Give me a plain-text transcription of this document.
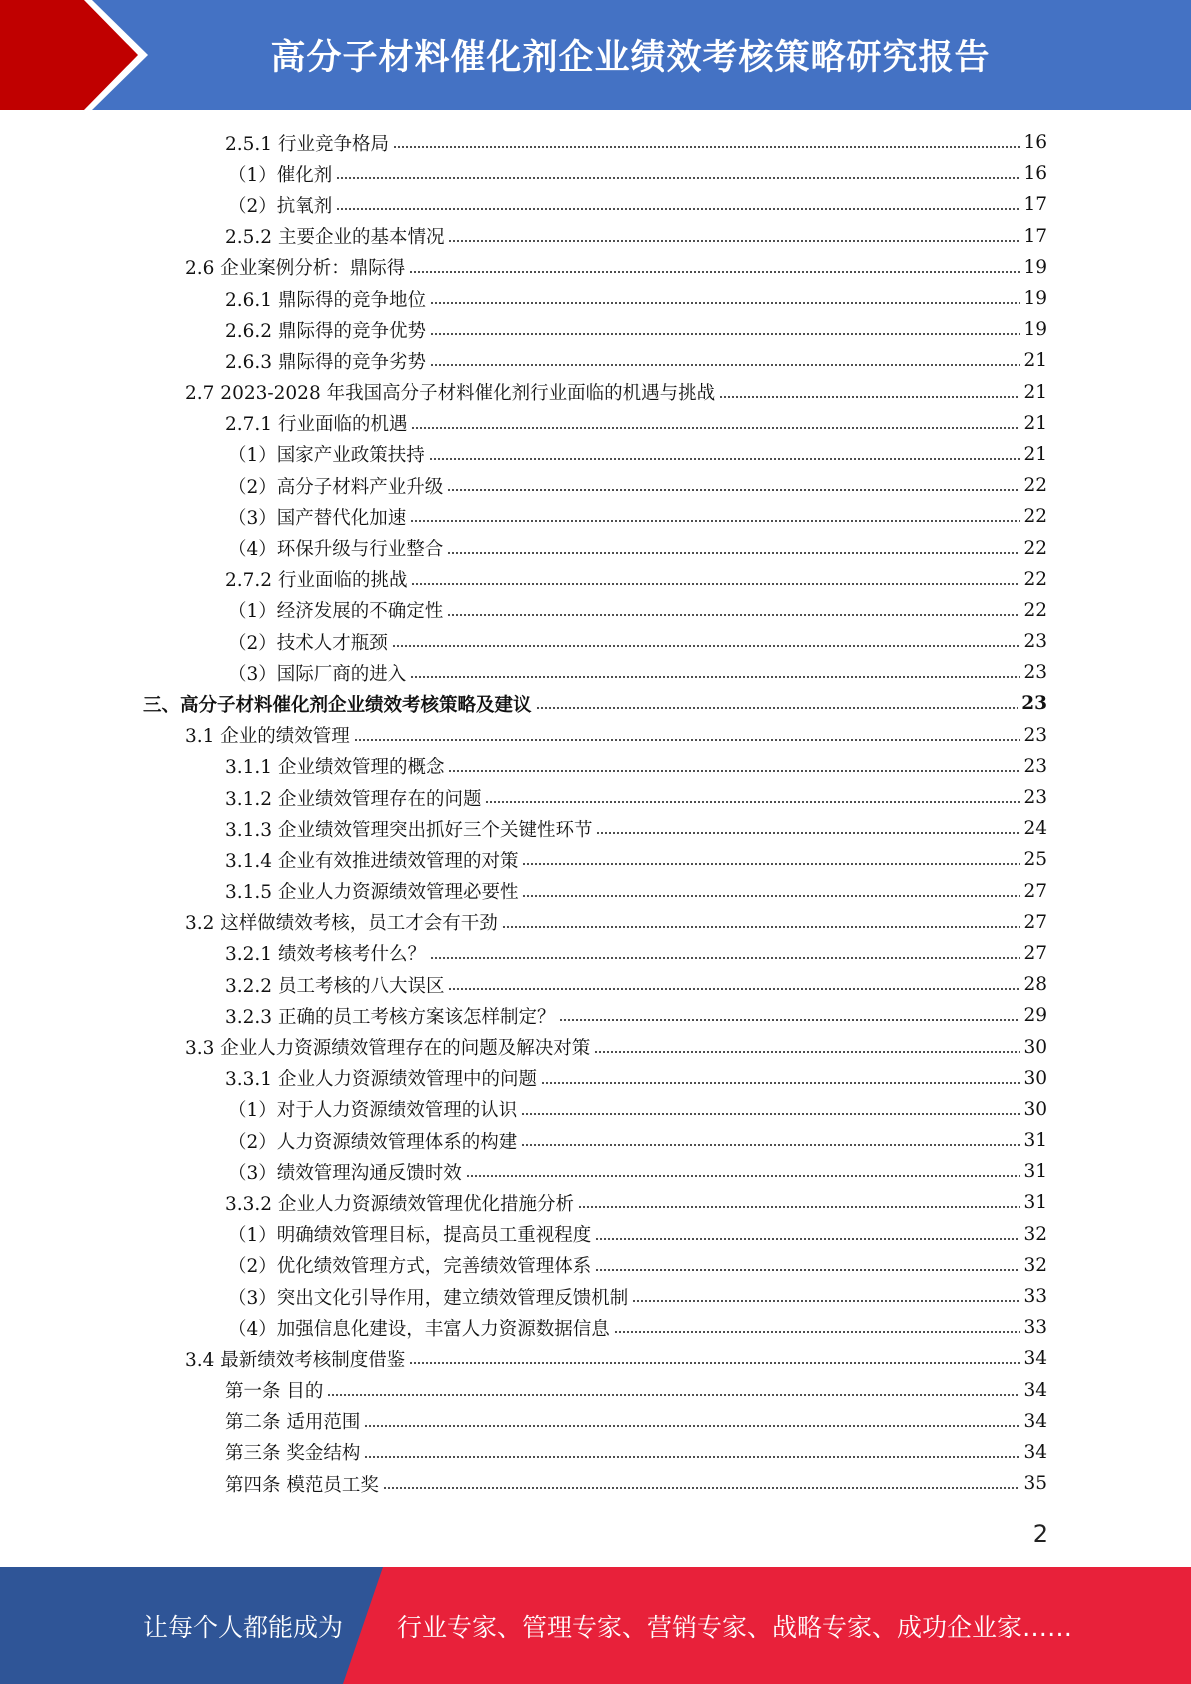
高分子材料催化剂企业绩效考核策略研究报告
2.5.1 行业竞争格局	16
（1）催化剂	16
（2）抗氧剂	17
2.5.2 主要企业的基本情况	17
2.6 企业案例分析：鼎际得	19
2.6.1 鼎际得的竞争地位	19
2.6.2 鼎际得的竞争优势	19
2.6.3 鼎际得的竞争劣势	21
2.7 2023-2028 年我国高分子材料催化剂行业面临的机遇与挑战	21
2.7.1 行业面临的机遇	21
（1）国家产业政策扶持	21
（2）高分子材料产业升级	22
（3）国产替代化加速	22
（4）环保升级与行业整合	22
2.7.2 行业面临的挑战	22
（1）经济发展的不确定性	22
（2）技术人才瓶颈	23
（3）国际厂商的进入	23
三、高分子材料催化剂企业绩效考核策略及建议	23
3.1 企业的绩效管理	23
3.1.1 企业绩效管理的概念	23
3.1.2 企业绩效管理存在的问题	23
3.1.3 企业绩效管理突出抓好三个关键性环节	24
3.1.4 企业有效推进绩效管理的对策	25
3.1.5 企业人力资源绩效管理必要性	27
3.2 这样做绩效考核，员工才会有干劲	27
3.2.1 绩效考核考什么？	27
3.2.2 员工考核的八大误区	28
3.2.3 正确的员工考核方案该怎样制定？	29
3.3 企业人力资源绩效管理存在的问题及解决对策	30
3.3.1 企业人力资源绩效管理中的问题	30
（1）对于人力资源绩效管理的认识	30
（2）人力资源绩效管理体系的构建	31
（3）绩效管理沟通反馈时效	31
3.3.2 企业人力资源绩效管理优化措施分析	31
（1）明确绩效管理目标，提高员工重视程度	32
（2）优化绩效管理方式，完善绩效管理体系	32
（3）突出文化引导作用，建立绩效管理反馈机制	33
（4）加强信息化建设，丰富人力资源数据信息	33
3.4 最新绩效考核制度借鉴	34
第一条 目的	34
第二条 适用范围	34
第三条 奖金结构	34
第四条 模范员工奖	35
2
让每个人都能成为 行业专家、管理专家、营销专家、战略专家、成功企业家……
